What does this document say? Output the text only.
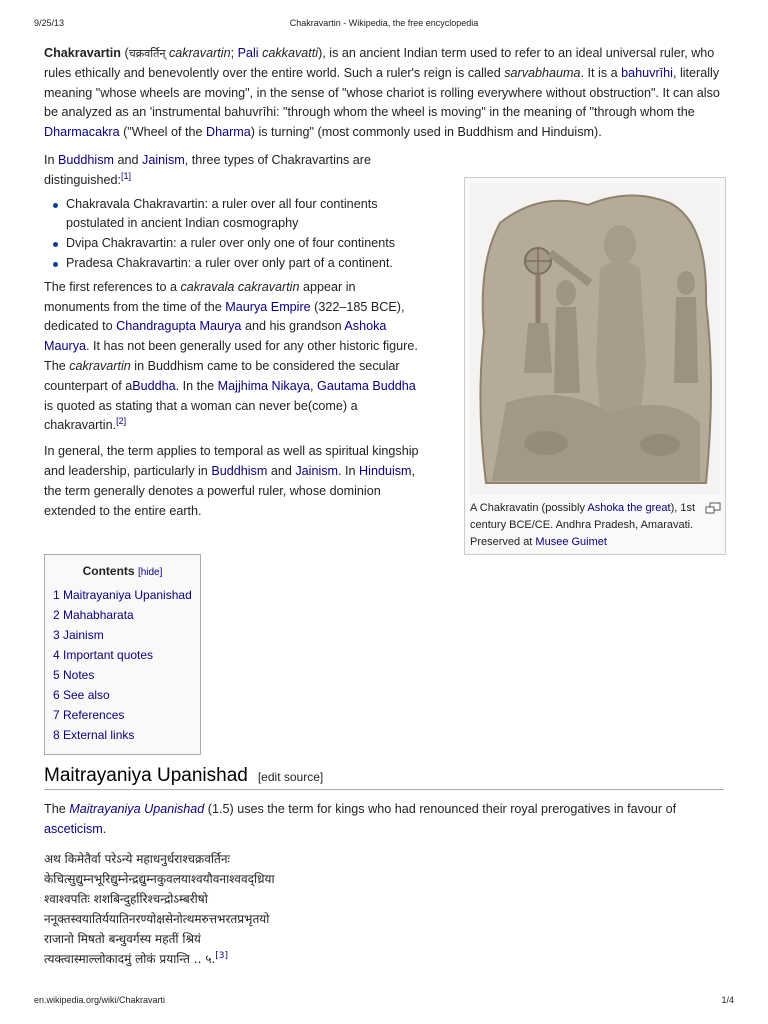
9/25/13	Chakravartin - Wikipedia, the free encyclopedia

Chakravartin (चक्रवर्तिन् cakravartin; Pali cakkavatti), is an ancient Indian term used to refer to an ideal universal ruler, who rules ethically and benevolently over the entire world. Such a ruler's reign is called sarvabhauma. It is a bahuvrīhi, literally meaning "whose wheels are moving", in the sense of "whose chariot is rolling everywhere without obstruction". It can also be analyzed as an 'instrumental bahuvrīhi: "through whom the wheel is moving" in the meaning of "through whom the Dharmacakra ("Wheel of the Dharma) is turning" (most commonly used in Buddhism and Hinduism).

In Buddhism and Jainism, three types of Chakravartins are distinguished:[1]

Chakravala Chakravartin: a ruler over all four continents postulated in ancient Indian cosmography
Dvipa Chakravartin: a ruler over only one of four continents
Pradesa Chakravartin: a ruler over only part of a continent.

The first references to a cakravala cakravartin appear in monuments from the time of the Maurya Empire (322–185 BCE), dedicated to Chandragupta Maurya and his grandson Ashoka Maurya. It has not been generally used for any other historic figure.

The cakravartin in Buddhism came to be considered the secular counterpart of aBuddha. In the Majjhima Nikaya, Gautama Buddha is quoted as stating that a woman can never be(come) a chakravartin.[2]

In general, the term applies to temporal as well as spiritual kingship and leadership, particularly in Buddhism and Jainism. In Hinduism, the term generally denotes a powerful ruler, whose dominion extended to the entire earth.	A Chakravatin (possibly Ashoka the great), 1st century BCE/CE. Andhra Pradesh, Amaravati. Preserved at Musee Guimet
Contents [hide]
1 Maitrayaniya Upanishad
2 Mahabharata
3 Jainism
4 Important quotes
5 Notes
6 See also
7 References
8 External links
Maitrayaniya Upanishad [edit source]

The Maitrayaniya Upanishad (1.5) uses the term for kings who had renounced their royal prerogatives in favour of asceticism.

अथ किमेतैर्वा परेऽन्ये महाधनुर्धराश्चक्रवर्तिनः
केचित्सुद्युम्नभूरिद्युम्नेन्द्रद्युम्नकुवलयाश्वयौवनाश्ववद्ध्रिया
श्वाश्वपतिः शशबिन्दुर्हारिश्चन्द्रोऽम्बरीषो
ननूक्तस्वयातिर्ययातिनरण्योक्षसेनोत्थमरुत्तभरतप्रभृतयो
राजानो मिषतो बन्धुवर्गस्य महतीं श्रियं
त्यक्त्वास्माल्लोकादमुं लोकं प्रयान्ति .. ५.[3]
en.wikipedia.org/wiki/Chakravarti	1/4
